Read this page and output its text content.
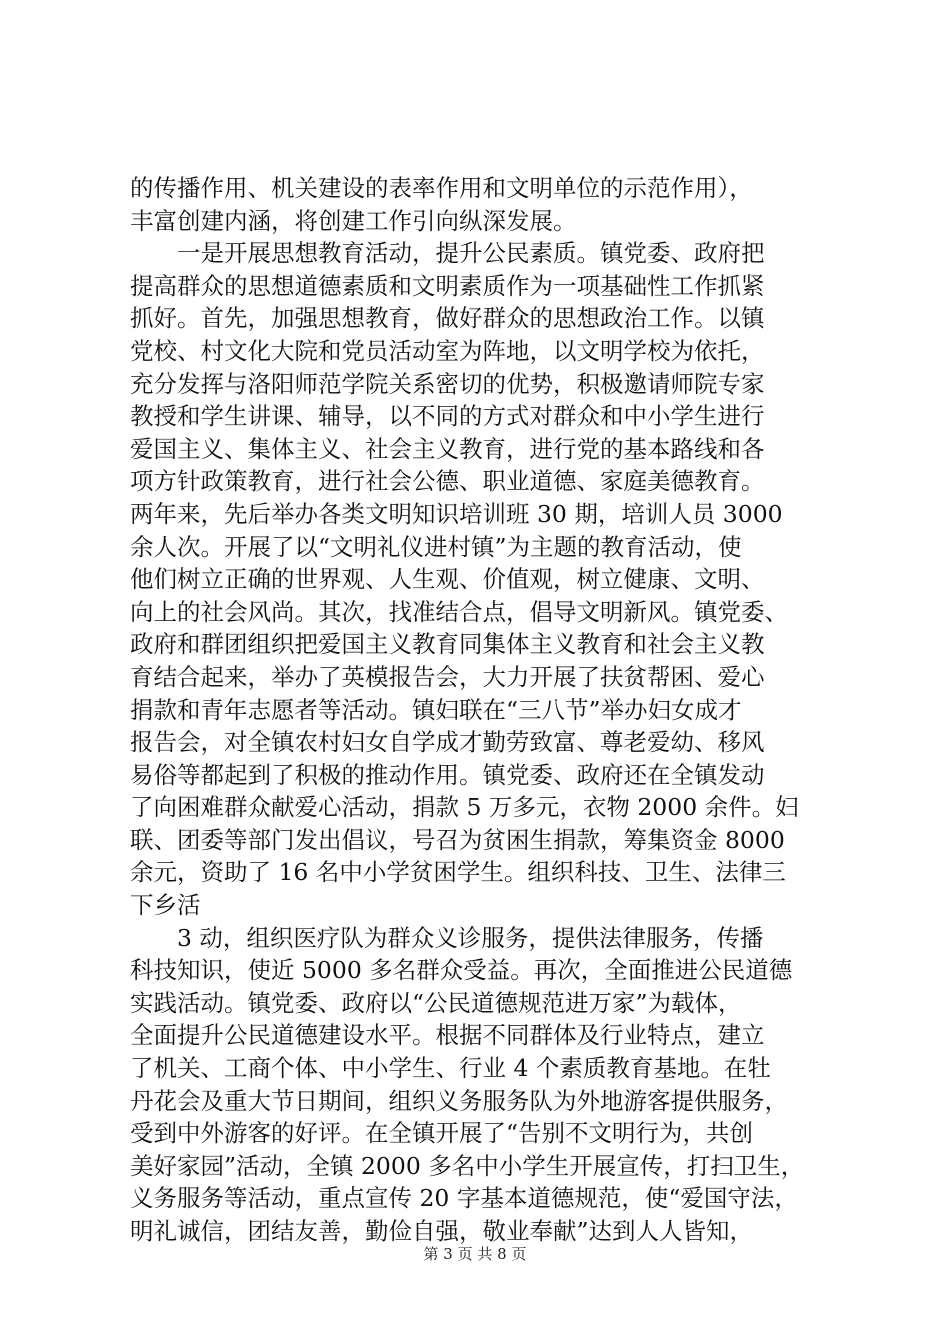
的传播作用、机关建设的表率作用和文明单位的示范作用），
丰富创建内涵，将创建工作引向纵深发展。
　　一是开展思想教育活动，提升公民素质。镇党委、政府把
提高群众的思想道德素质和文明素质作为一项基础性工作抓紧
抓好。首先，加强思想教育，做好群众的思想政治工作。以镇
党校、村文化大院和党员活动室为阵地，以文明学校为依托，
充分发挥与洛阳师范学院关系密切的优势，积极邀请师院专家
教授和学生讲课、辅导，以不同的方式对群众和中小学生进行
爱国主义、集体主义、社会主义教育，进行党的基本路线和各
项方针政策教育，进行社会公德、职业道德、家庭美德教育。
两年来，先后举办各类文明知识培训班 30 期，培训人员 3000
余人次。开展了以“文明礼仪进村镇”为主题的教育活动，使
他们树立正确的世界观、人生观、价值观，树立健康、文明、
向上的社会风尚。其次，找准结合点，倡导文明新风。镇党委、
政府和群团组织把爱国主义教育同集体主义教育和社会主义教
育结合起来，举办了英模报告会，大力开展了扶贫帮困、爱心
捐款和青年志愿者等活动。镇妇联在“三八节”举办妇女成才
报告会，对全镇农村妇女自学成才勤劳致富、尊老爱幼、移风
易俗等都起到了积极的推动作用。镇党委、政府还在全镇发动
了向困难群众献爱心活动，捐款 5 万多元，衣物 2000 余件。妇
联、团委等部门发出倡议，号召为贫困生捐款，筹集资金 8000
余元，资助了 16 名中小学贫困学生。组织科技、卫生、法律三
下乡活
　　3 动，组织医疗队为群众义诊服务，提供法律服务，传播
科技知识，使近 5000 多名群众受益。再次，全面推进公民道德
实践活动。镇党委、政府以“公民道德规范进万家”为载体，
全面提升公民道德建设水平。根据不同群体及行业特点，建立
了机关、工商个体、中小学生、行业 4 个素质教育基地。在牡
丹花会及重大节日期间，组织义务服务队为外地游客提供服务，
受到中外游客的好评。在全镇开展了“告别不文明行为，共创
美好家园”活动，全镇 2000 多名中小学生开展宣传，打扫卫生，
义务服务等活动，重点宣传 20 字基本道德规范，使“爱国守法，
明礼诚信，团结友善，勤俭自强，敬业奉献”达到人人皆知，
第 3 页 共 8 页
